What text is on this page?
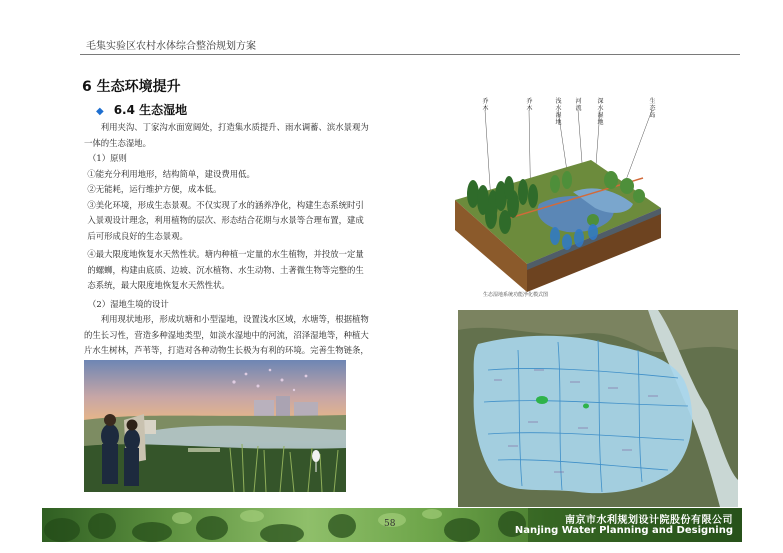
毛集实验区农村水体综合整治规划方案
6 生态环境提升
◆ 6.4 生态湿地

利用夹沟、丁家沟水面宽阔处，打造集水质提升、雨水调蓄、滨水景观为一体的生态湿地。

（1）原则

①能充分利用地形，结构简单，建设费用低。

②无能耗，运行维护方便，成本低。

③美化环境，形成生态景观。不仅实现了水的涵养净化，构建生态系统时引入景观设计理念，利用植物的层次、形态结合花期与水景等合理布置，建成后可形成良好的生态景观。

④最大限度地恢复水天然性状。塘内种植一定量的水生植物，并投放一定量的螺蛳，构建由底质、边坡、沉水植物、水生动物、土著微生物等完整的生态系统，最大限度地恢复水天然性状。

（2）湿地生境的设计

利用现状地形，形成坑塘和小型湿地，设置浅水区域，水塘等，根据植物的生长习性，营造多种湿地类型，如淡水湿地中的河流，沼泽湿地等，种植大片水生树林，芦苇等，打造对各种动物生长极为有利的环境。完善生物链条，

乔木
乔木
浅水湿地
河流
深水湿地
生态岛
生态湿地系统功能净化模式图
58	南京市水利规划设计院股份有限公司
Nanjing Water Planning and Designing
